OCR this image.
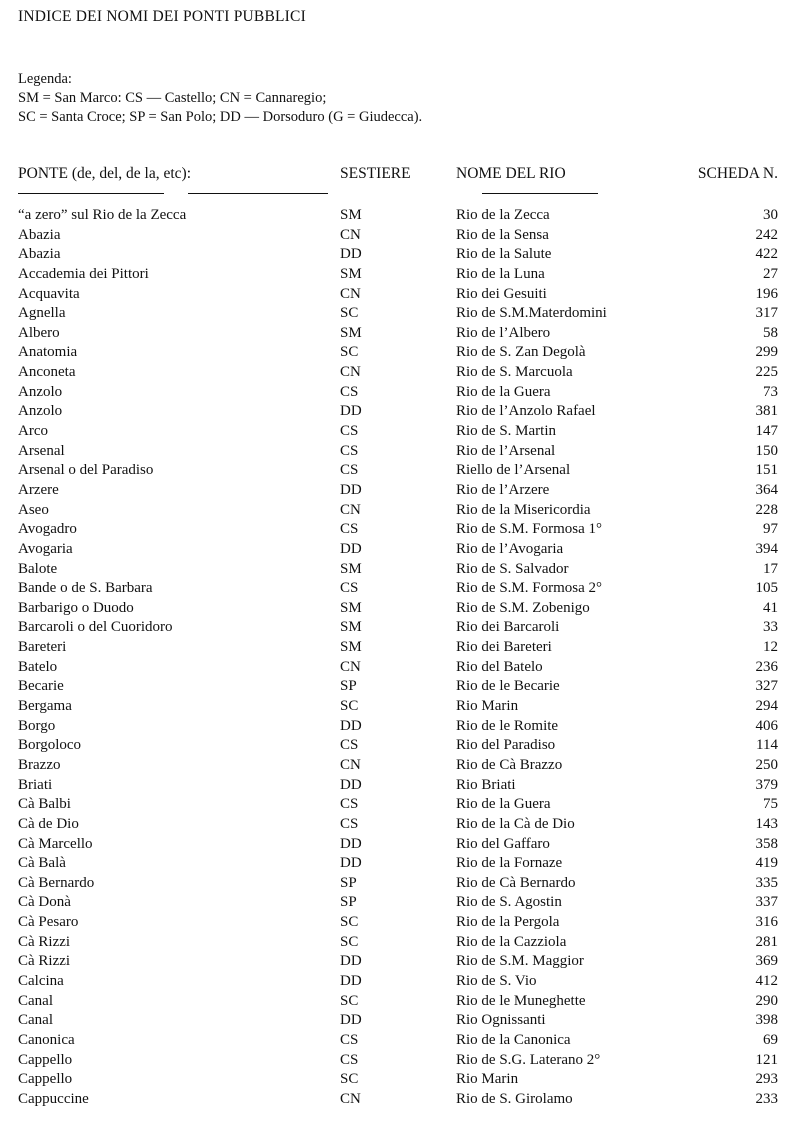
INDICE DEI NOMI DEI PONTI PUBBLICI
Legenda:
SM = San Marco: CS — Castello; CN = Cannaregio;
SC = Santa Croce; SP = San Polo; DD — Dorsoduro (G = Giudecca).
PONTE (de, del, de la, etc):	SESTIERE	NOME DEL RIO	SCHEDA N.
“a zero” sul Rio de la Zecca	SM	Rio de la Zecca	30
Abazia	CN	Rio de la Sensa	242
Abazia	DD	Rio de la Salute	422
Accademia dei Pittori	SM	Rio de la Luna	27
Acquavita	CN	Rio dei Gesuiti	196
Agnella	SC	Rio de S.M.Materdomini	317
Albero	SM	Rio de l’Albero	58
Anatomia	SC	Rio de S. Zan Degolà	299
Anconeta	CN	Rio de S. Marcuola	225
Anzolo	CS	Rio de la Guera	73
Anzolo	DD	Rio de l’Anzolo Rafael	381
Arco	CS	Rio de S. Martin	147
Arsenal	CS	Rio de l’Arsenal	150
Arsenal o del Paradiso	CS	Riello de l’Arsenal	151
Arzere	DD	Rio de l’Arzere	364
Aseo	CN	Rio de la Misericordia	228
Avogadro	CS	Rio de S.M. Formosa 1°	97
Avogaria	DD	Rio de l’Avogaria	394
Balote	SM	Rio de S. Salvador	17
Bande o de S. Barbara	CS	Rio de S.M. Formosa 2°	105
Barbarigo o Duodo	SM	Rio de S.M. Zobenigo	41
Barcaroli o del Cuoridoro	SM	Rio dei Barcaroli	33
Bareteri	SM	Rio dei Bareteri	12
Batelo	CN	Rio del Batelo	236
Becarie	SP	Rio de le Becarie	327
Bergama	SC	Rio Marin	294
Borgo	DD	Rio de le Romite	406
Borgoloco	CS	Rio del Paradiso	114
Brazzo	CN	Rio de Cà Brazzo	250
Briati	DD	Rio Briati	379
Cà Balbi	CS	Rio de la Guera	75
Cà de Dio	CS	Rio de la Cà de Dio	143
Cà Marcello	DD	Rio del Gaffaro	358
Cà Balà	DD	Rio de la Fornaze	419
Cà Bernardo	SP	Rio de Cà Bernardo	335
Cà Donà	SP	Rio de S. Agostin	337
Cà Pesaro	SC	Rio de la Pergola	316
Cà Rizzi	SC	Rio de la Cazziola	281
Cà Rizzi	DD	Rio de S.M. Maggior	369
Calcina	DD	Rio de S. Vio	412
Canal	SC	Rio de le Muneghette	290
Canal	DD	Rio Ognissanti	398
Canonica	CS	Rio de la Canonica	69
Cappello	CS	Rio de S.G. Laterano 2°	121
Cappello	SC	Rio Marin	293
Cappuccine	CN	Rio de S. Girolamo	233
